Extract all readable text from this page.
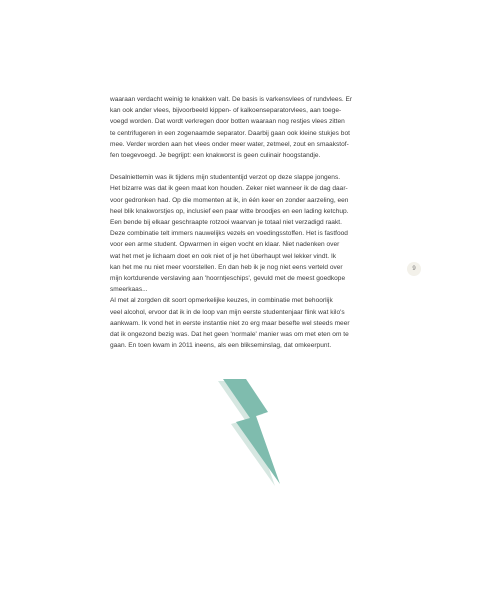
waaraan verdacht weinig te knakken valt. De basis is varkensvlees of rundvlees. Er
kan ook ander vlees, bijvoorbeeld kippen- of kalkoenseparatorvlees, aan toege-
voegd worden. Dat wordt verkregen door botten waaraan nog restjes vlees zitten
te centrifugeren in een zogenaamde separator. Daarbij gaan ook kleine stukjes bot
mee. Verder worden aan het vlees onder meer water, zetmeel, zout en smaakstof-
fen toegevoegd. Je begrijpt: een knakworst is geen culinair hoogstandje.
Desalniettemin was ik tijdens mijn studententijd verzot op deze slappe jongens.
Het bizarre was dat ik geen maat kon houden. Zeker niet wanneer ik de dag daar-
voor gedronken had. Op die momenten at ik, in één keer en zonder aarzeling, een
heel blik knakworstjes op, inclusief een paar witte broodjes en een lading ketchup.
Een bende bij elkaar geschraapte rotzooi waarvan je totaal niet verzadigd raakt.
Deze combinatie telt immers nauwelijks vezels en voedingsstoffen. Het is fastfood
voor een arme student. Opwarmen in eigen vocht en klaar. Niet nadenken over
wat het met je lichaam doet en ook niet of je het überhaupt wel lekker vindt. Ik
kan het me nu niet meer voorstellen. En dan heb ik je nog niet eens verteld over
mijn kortdurende verslaving aan 'hoorntjeschips', gevuld met de meest goedkope
smeerkaas...
Al met al zorgden dit soort opmerkelijke keuzes, in combinatie met behoorlijk
veel alcohol, ervoor dat ik in de loop van mijn eerste studentenjaar flink wat kilo's
aankwam. Ik vond het in eerste instantie niet zo erg maar besefte wel steeds meer
dat ik ongezond bezig was. Dat het geen 'normale' manier was om met eten om te
gaan. En toen kwam in 2011 ineens, als een blikseminslag, dat omkeerpunt.
9
